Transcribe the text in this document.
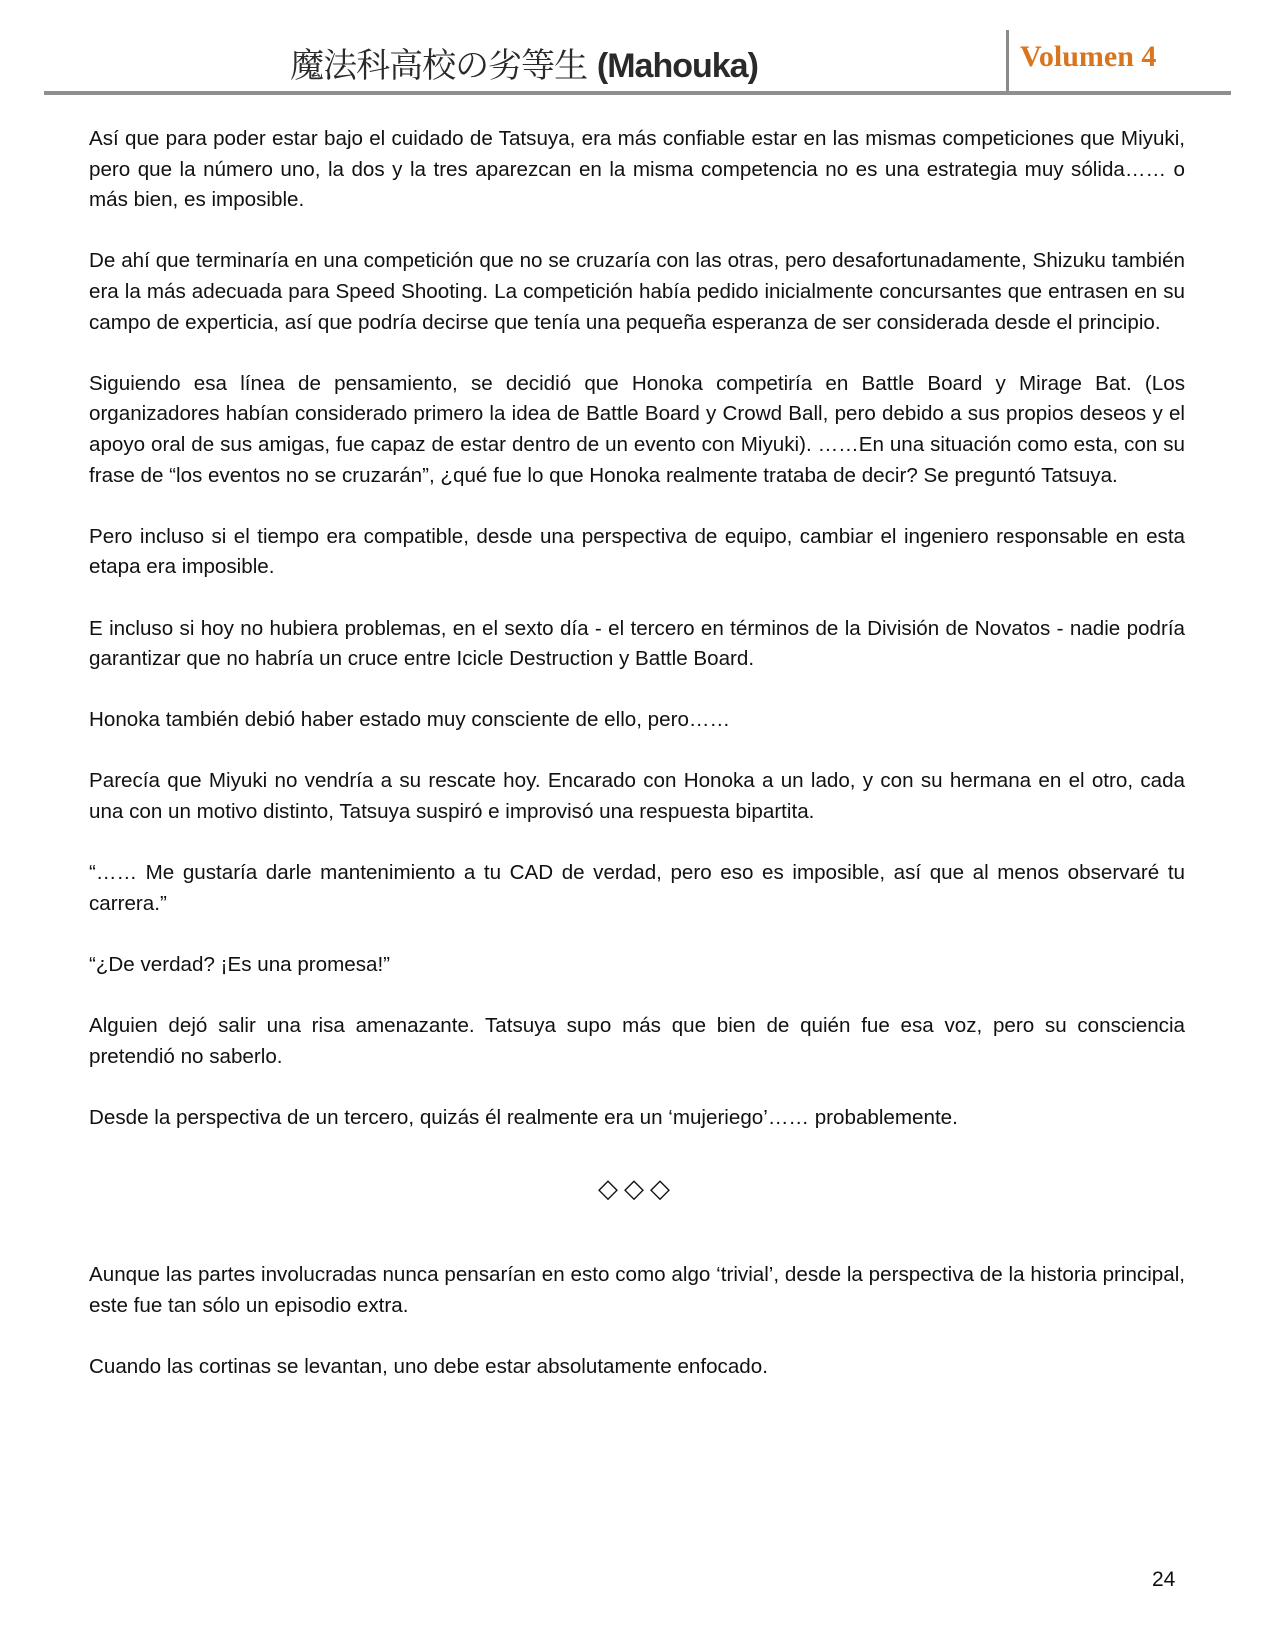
魔法科高校の劣等生 (Mahouka)	Volumen 4

Así que para poder estar bajo el cuidado de Tatsuya, era más confiable estar en las mismas competiciones que Miyuki, pero que la número uno, la dos y la tres aparezcan en la misma competencia no es una estrategia muy sólida…… o más bien, es imposible.

De ahí que terminaría en una competición que no se cruzaría con las otras, pero desafortunadamente, Shizuku también era la más adecuada para Speed Shooting. La competición había pedido inicialmente concursantes que entrasen en su campo de experticia, así que podría decirse que tenía una pequeña esperanza de ser considerada desde el principio.

Siguiendo esa línea de pensamiento, se decidió que Honoka competiría en Battle Board y Mirage Bat. (Los organizadores habían considerado primero la idea de Battle Board y Crowd Ball, pero debido a sus propios deseos y el apoyo oral de sus amigas, fue capaz de estar dentro de un evento con Miyuki). ……En una situación como esta, con su frase de “los eventos no se cruzarán”, ¿qué fue lo que Honoka realmente trataba de decir? Se preguntó Tatsuya.

Pero incluso si el tiempo era compatible, desde una perspectiva de equipo, cambiar el ingeniero responsable en esta etapa era imposible.

E incluso si hoy no hubiera problemas, en el sexto día - el tercero en términos de la División de Novatos - nadie podría garantizar que no habría un cruce entre Icicle Destruction y Battle Board.

Honoka también debió haber estado muy consciente de ello, pero……

Parecía que Miyuki no vendría a su rescate hoy. Encarado con Honoka a un lado, y con su hermana en el otro, cada una con un motivo distinto, Tatsuya suspiró e improvisó una respuesta bipartita.

“…… Me gustaría darle mantenimiento a tu CAD de verdad, pero eso es imposible, así que al menos observaré tu carrera.”

“¿De verdad? ¡Es una promesa!”

Alguien dejó salir una risa amenazante. Tatsuya supo más que bien de quién fue esa voz, pero su consciencia pretendió no saberlo.

Desde la perspectiva de un tercero, quizás él realmente era un ‘mujeriego’…… probablemente.

◇◇◇

Aunque las partes involucradas nunca pensarían en esto como algo ‘trivial’, desde la perspectiva de la historia principal, este fue tan sólo un episodio extra.

Cuando las cortinas se levantan, uno debe estar absolutamente enfocado.

24
